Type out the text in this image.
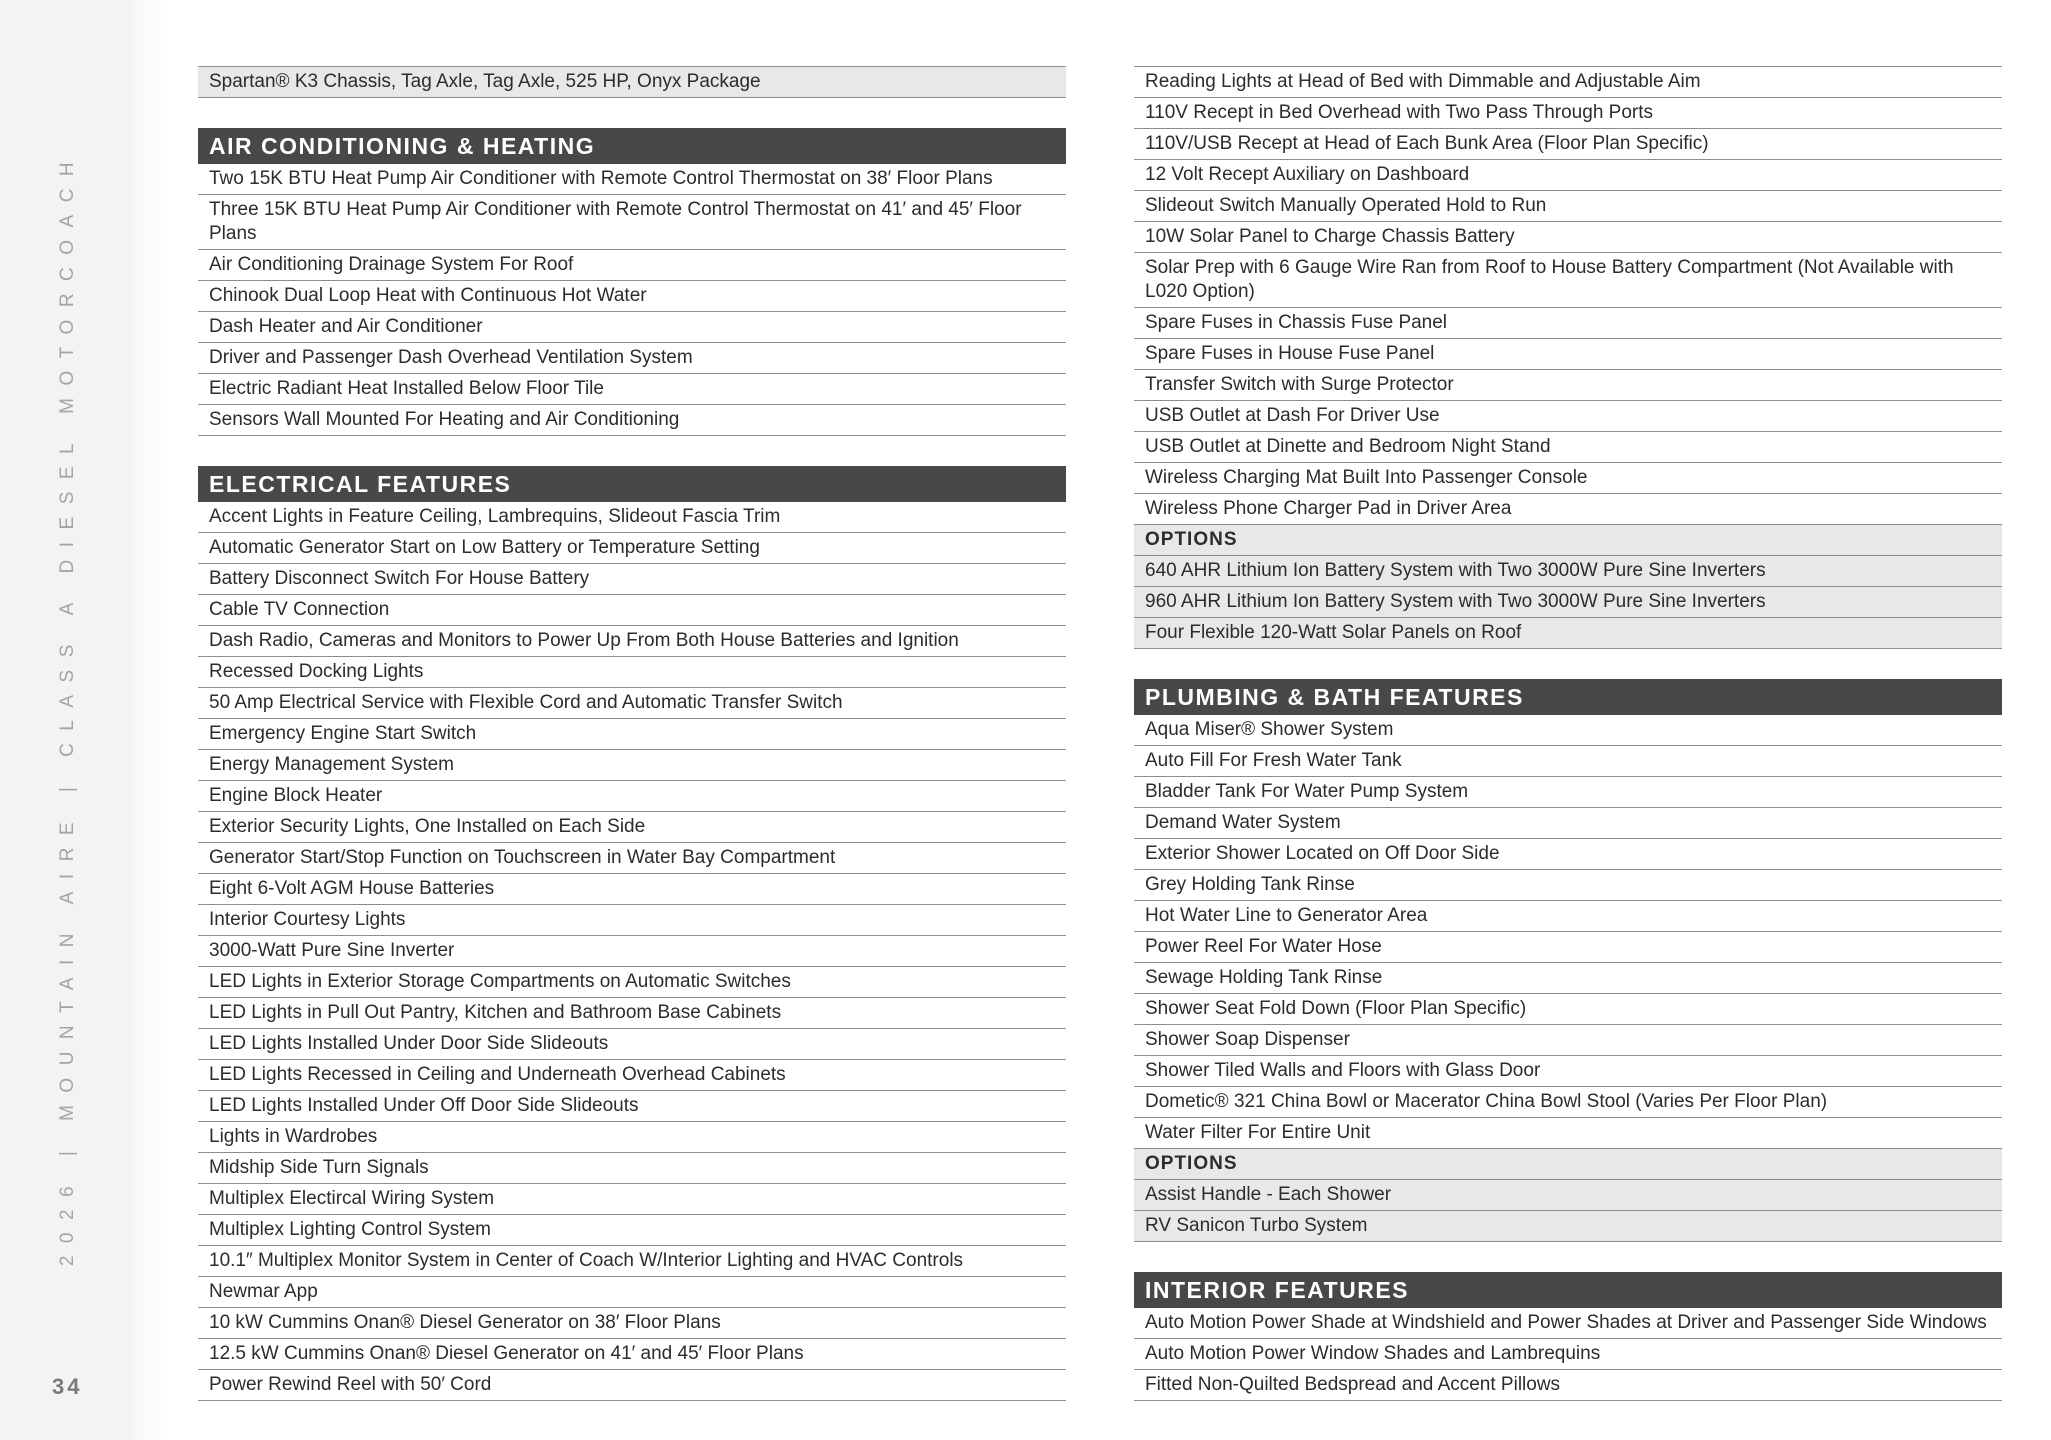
2026 | MOUNTAIN AIRE | CLASS A DIESEL MOTORCOACH
34
Spartan® K3 Chassis, Tag Axle, Tag Axle, 525 HP, Onyx Package
AIR CONDITIONING & HEATING
Two 15K BTU Heat Pump Air Conditioner with Remote Control Thermostat on 38′ Floor Plans
Three 15K BTU Heat Pump Air Conditioner with Remote Control Thermostat on 41′ and 45′ Floor Plans
Air Conditioning Drainage System For Roof
Chinook Dual Loop Heat with Continuous Hot Water
Dash Heater and Air Conditioner
Driver and Passenger Dash Overhead Ventilation System
Electric Radiant Heat Installed Below Floor Tile
Sensors Wall Mounted For Heating and Air Conditioning
ELECTRICAL FEATURES
Accent Lights in Feature Ceiling, Lambrequins, Slideout Fascia Trim
Automatic Generator Start on Low Battery or Temperature Setting
Battery Disconnect Switch For House Battery
Cable TV Connection
Dash Radio, Cameras and Monitors to Power Up From Both House Batteries and Ignition
Recessed Docking Lights
50 Amp Electrical Service with Flexible Cord and Automatic Transfer Switch
Emergency Engine Start Switch
Energy Management System
Engine Block Heater
Exterior Security Lights, One Installed on Each Side
Generator Start/Stop Function on Touchscreen in Water Bay Compartment
Eight 6-Volt AGM House Batteries
Interior Courtesy Lights
3000-Watt Pure Sine Inverter
LED Lights in Exterior Storage Compartments on Automatic Switches
LED Lights in Pull Out Pantry, Kitchen and Bathroom Base Cabinets
LED Lights Installed Under Door Side Slideouts
LED Lights Recessed in Ceiling and Underneath Overhead Cabinets
LED Lights Installed Under Off Door Side Slideouts
Lights in Wardrobes
Midship Side Turn Signals
Multiplex Electircal Wiring System
Multiplex Lighting Control System
10.1″ Multiplex Monitor System in Center of Coach W/Interior Lighting and HVAC Controls
Newmar App
10 kW Cummins Onan® Diesel Generator on 38′ Floor Plans
12.5 kW Cummins Onan® Diesel Generator on 41′ and 45′ Floor Plans
Power Rewind Reel with 50′ Cord
Reading Lights at Head of Bed with Dimmable and Adjustable Aim
110V Recept in Bed Overhead with Two Pass Through Ports
110V/USB Recept at Head of Each Bunk Area (Floor Plan Specific)
12 Volt Recept Auxiliary on Dashboard
Slideout Switch Manually Operated Hold to Run
10W Solar Panel to Charge Chassis Battery
Solar Prep with 6 Gauge Wire Ran from Roof to House Battery Compartment (Not Available with L020 Option)
Spare Fuses in Chassis Fuse Panel
Spare Fuses in House Fuse Panel
Transfer Switch with Surge Protector
USB Outlet at Dash For Driver Use
USB Outlet at Dinette and Bedroom Night Stand
Wireless Charging Mat Built Into Passenger Console
Wireless Phone Charger Pad in Driver Area
OPTIONS
640 AHR Lithium Ion Battery System with Two 3000W Pure Sine Inverters
960 AHR Lithium Ion Battery System with Two 3000W Pure Sine Inverters
Four Flexible 120-Watt Solar Panels on Roof
PLUMBING & BATH FEATURES
Aqua Miser® Shower System
Auto Fill For Fresh Water Tank
Bladder Tank For Water Pump System
Demand Water System
Exterior Shower Located on Off Door Side
Grey Holding Tank Rinse
Hot Water Line to Generator Area
Power Reel For Water Hose
Sewage Holding Tank Rinse
Shower Seat Fold Down (Floor Plan Specific)
Shower Soap Dispenser
Shower Tiled Walls and Floors with Glass Door
Dometic® 321 China Bowl or Macerator China Bowl Stool (Varies Per Floor Plan)
Water Filter For Entire Unit
OPTIONS
Assist Handle - Each Shower
RV Sanicon Turbo System
INTERIOR FEATURES
Auto Motion Power Shade at Windshield and Power Shades at Driver and Passenger Side Windows
Auto Motion Power Window Shades and Lambrequins
Fitted Non-Quilted Bedspread and Accent Pillows
